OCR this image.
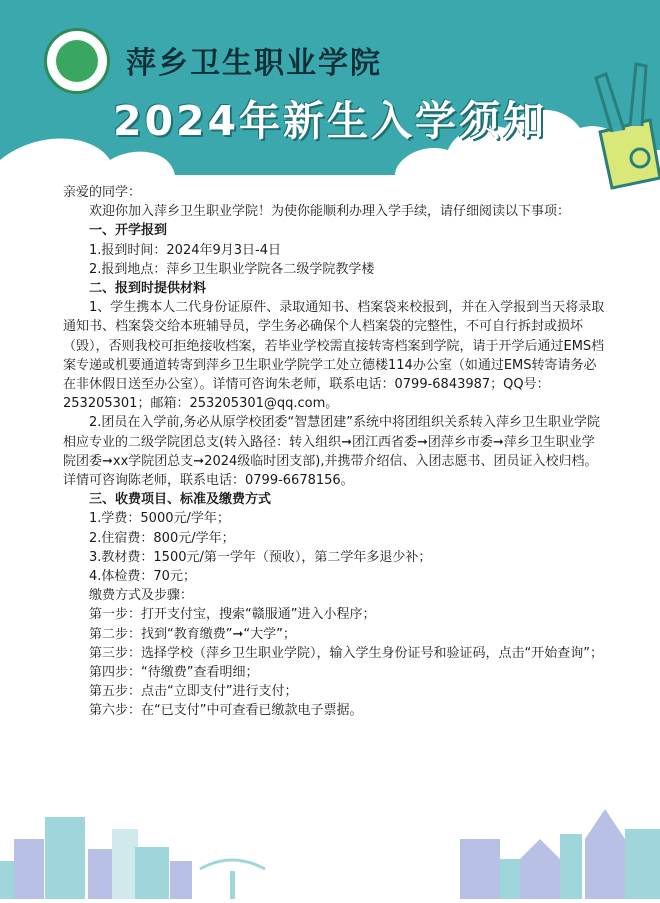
萍乡卫生职业学院
2024年新生入学须知

亲爱的同学：

欢迎你加入萍乡卫生职业学院！为使你能顺利办理入学手续，请仔细阅读以下事项：

一、开学报到

1.报到时间：2024年9月3日-4日

2.报到地点：萍乡卫生职业学院各二级学院教学楼

二、报到时提供材料

1、学生携本人二代身份证原件、录取通知书、档案袋来校报到，并在入学报到当天将录取通知书、档案袋交给本班辅导员，学生务必确保个人档案袋的完整性，不可自行拆封或损坏（毁），否则我校可拒绝接收档案，若毕业学校需直接转寄档案到学院，请于开学后通过EMS档案专递或机要通道转寄到萍乡卫生职业学院学工处立德楼114办公室（如通过EMS转寄请务必在非休假日送至办公室）。详情可咨询朱老师，联系电话：0799-6843987；QQ号：253205301；邮箱：253205301@qq.com。

2.团员在入学前,务必从原学校团委“智慧团建”系统中将团组织关系转入萍乡卫生职业学院相应专业的二级学院团总支(转入路径：转入组织➞团江西省委➞团萍乡市委➞萍乡卫生职业学院团委➞xx学院团总支➞2024级临时团支部),并携带介绍信、入团志愿书、团员证入校归档。详情可咨询陈老师，联系电话：0799-6678156。

三、收费项目、标准及缴费方式

1.学费：5000元/学年；

2.住宿费：800元/学年；

3.教材费：1500元/第一学年（预收），第二学年多退少补；

4.体检费：70元；

缴费方式及步骤：

第一步：打开支付宝，搜索“赣服通”进入小程序；

第二步：找到“教育缴费”➞“大学”；

第三步：选择学校（萍乡卫生职业学院），输入学生身份证号和验证码，点击“开始查询”；

第四步：“待缴费”查看明细；

第五步：点击“立即支付”进行支付；

第六步：在“已支付”中可查看已缴款电子票据。
